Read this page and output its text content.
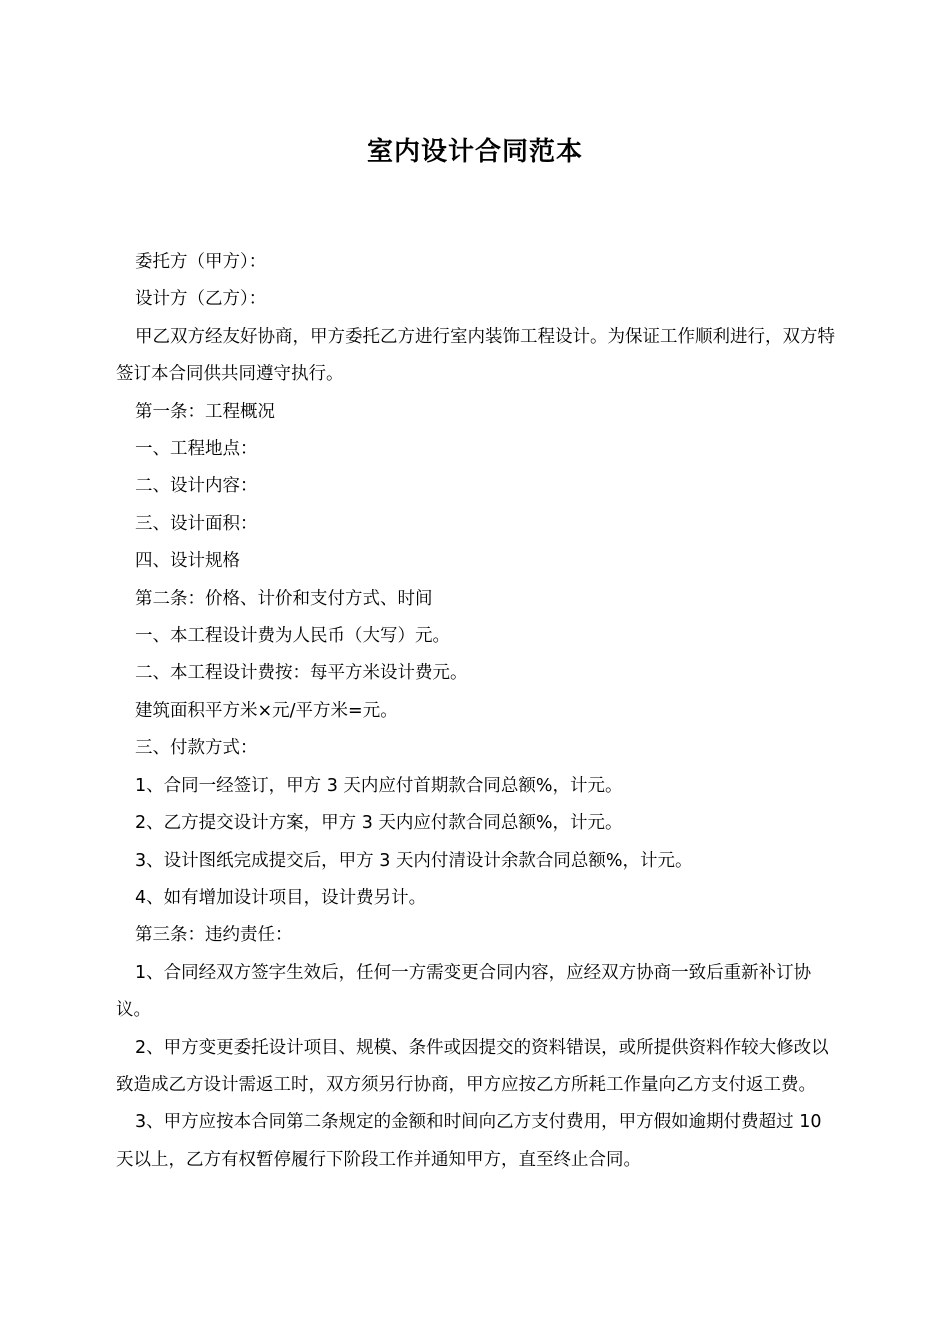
室内设计合同范本

委托方（甲方）：

设计方（乙方）：

甲乙双方经友好协商，甲方委托乙方进行室内装饰工程设计。为保证工作顺利进行，双方特签订本合同供共同遵守执行。

第一条：工程概况

一、工程地点：

二、设计内容：

三、设计面积：

四、设计规格

第二条：价格、计价和支付方式、时间

一、本工程设计费为人民币（大写）元。

二、本工程设计费按：每平方米设计费元。

建筑面积平方米×元/平方米=元。

三、付款方式：

1、合同一经签订，甲方 3 天内应付首期款合同总额%，计元。

2、乙方提交设计方案，甲方 3 天内应付款合同总额%，计元。

3、设计图纸完成提交后，甲方 3 天内付清设计余款合同总额%，计元。

4、如有增加设计项目，设计费另计。

第三条：违约责任：

1、合同经双方签字生效后，任何一方需变更合同内容，应经双方协商一致后重新补订协议。

2、甲方变更委托设计项目、规模、条件或因提交的资料错误，或所提供资料作较大修改以致造成乙方设计需返工时，双方须另行协商，甲方应按乙方所耗工作量向乙方支付返工费。

3、甲方应按本合同第二条规定的金额和时间向乙方支付费用，甲方假如逾期付费超过 10 天以上，乙方有权暂停履行下阶段工作并通知甲方，直至终止合同。
